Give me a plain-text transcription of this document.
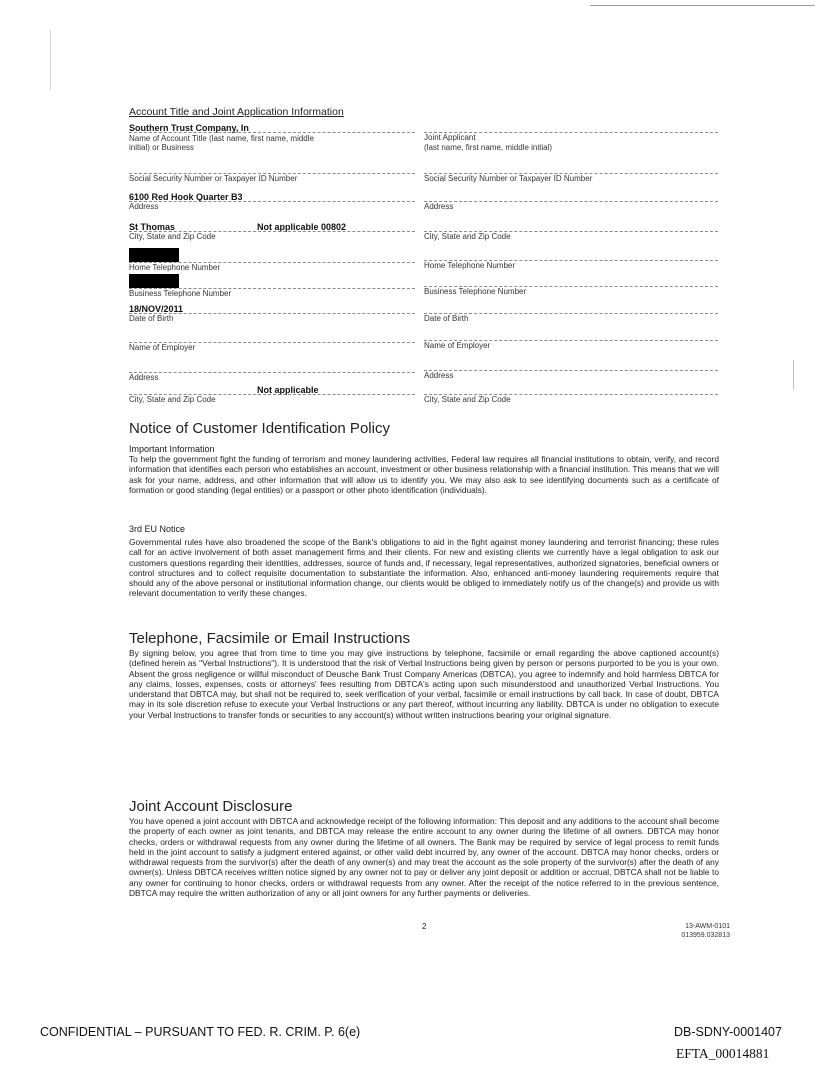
Account Title and Joint Application Information
Southern Trust Company, In
Name of Account Title (last name, first name, middle initial) or Business
Joint Applicant
(last name, first name, middle initial)
Social Security Number or Taxpayer ID Number	Social Security Number or Taxpayer ID Number
6100 Red Hook Quarter B3
Address	Address
St Thomas	Not applicable 00802
City, State and Zip Code	City, State and Zip Code
Home Telephone Number	Home Telephone Number
Business Telephone Number	Business Telephone Number
18/NOV/2011
Date of Birth	Date of Birth
Name of Employer	Name of Employer
Address	Address
Not applicable
City, State and Zip Code	City, State and Zip Code
Notice of Customer Identification Policy
Important Information
To help the government fight the funding of terrorism and money laundering activities, Federal law requires all financial institutions to obtain, verify, and record information that identifies each person who establishes an account, investment or other business relationship with a financial institution. This means that we will ask for your name, address, and other information that will allow us to identify you. We may also ask to see identifying documents such as a certificate of formation or good standing (legal entities) or a passport or other photo identification (individuals).
3rd EU Notice
Governmental rules have also broadened the scope of the Bank's obligations to aid in the fight against money laundering and terrorist financing; these rules call for an active involvement of both asset management firms and their clients. For new and existing clients we currently have a legal obligation to ask our customers questions regarding their identities, addresses, source of funds and, if necessary, legal representatives, authorized signatories, beneficial owners or control structures and to collect requisite documentation to substantiate the information. Also, enhanced anti-money laundering requirements require that should any of the above personal or institutional information change, our clients would be obliged to immediately notify us of the change(s) and provide us with relevant documentation to verify these changes.
Telephone, Facsimile or Email Instructions
By signing below, you agree that from time to time you may give instructions by telephone, facsimile or email regarding the above captioned account(s) (defined herein as "Verbal Instructions"). It is understood that the risk of Verbal Instructions being given by person or persons purported to be you is your own. Absent the gross negligence or willful misconduct of Deusche Bank Trust Company Americas (DBTCA), you agree to indemnify and hold harmless DBTCA for any claims, losses, expenses, costs or attorneys' fees resulting from DBTCA's acting upon such misunderstood and unauthorized Verbal Instructions. You understand that DBTCA may, but shall not be required to, seek verification of your verbal, facsimile or email instructions by call back. In case of doubt, DBTCA may in its sole discretion refuse to execute your Verbal Instructions or any part thereof, without incurring any liability. DBTCA is under no obligation to execute your Verbal Instructions to transfer fonds or securities to any account(s) without written instructions bearing your original signature.
Joint Account Disclosure
You have opened a joint account with DBTCA and acknowledge receipt of the following information: This deposit and any additions to the account shall become the property of each owner as joint tenants, and DBTCA may release the entire account to any owner during the lifetime of all owners. DBTCA may honor checks, orders or withdrawal requests from any owner during the lifetime of all owners. The Bank may be required by service of legal process to remit funds held in the joint account to satisfy a judgment entered against, or other valid debt incurred by, any owner of the account. DBTCA may honor checks, orders or withdrawal requests from the survivor(s) after the death of any owner(s) and may treat the account as the sole property of the survivor(s) after the death of any owner(s). Unless DBTCA receives written notice signed by any owner not to pay or deliver any joint deposit or addition or accrual, DBTCA shall not be liable to any owner for continuing to honor checks, orders or withdrawal requests from any owner. After the receipt of the notice referred to in the previous sentence, DBTCA may require the written authorization of any or all joint owners for any further payments or deliveries.
2	13-AWM-0101
013959.032813
CONFIDENTIAL – PURSUANT TO FED. R. CRIM. P. 6(e)	DB-SDNY-0001407
EFTA_00014881
